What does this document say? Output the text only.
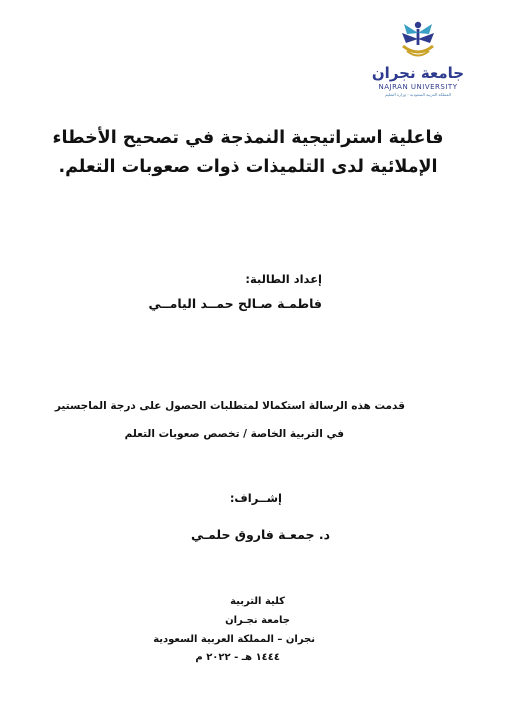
جامعة نجران
NAJRAN UNIVERSITY
المملكة العربية السعودية - وزارة التعليم
فاعلية استراتيجية النمذجة في تصحيح الأخطاء
الإملائية لدى التلميذات ذوات صعوبات التعلم.
إعداد الطالبة:
فاطمـة صـالح حمــد اليامــي
قدمت هذه الرسالة استكمالا لمتطلبات الحصول على درجة الماجستير
في التربية الخاصة / تخصص صعوبات التعلم
إشــراف:
د. جمعـة فاروق حلمـي
كلية التربية
جامعة نجـران
نجران – المملكة العربية السعودية
١٤٤٤ هـ - ٢٠٢٢ م
